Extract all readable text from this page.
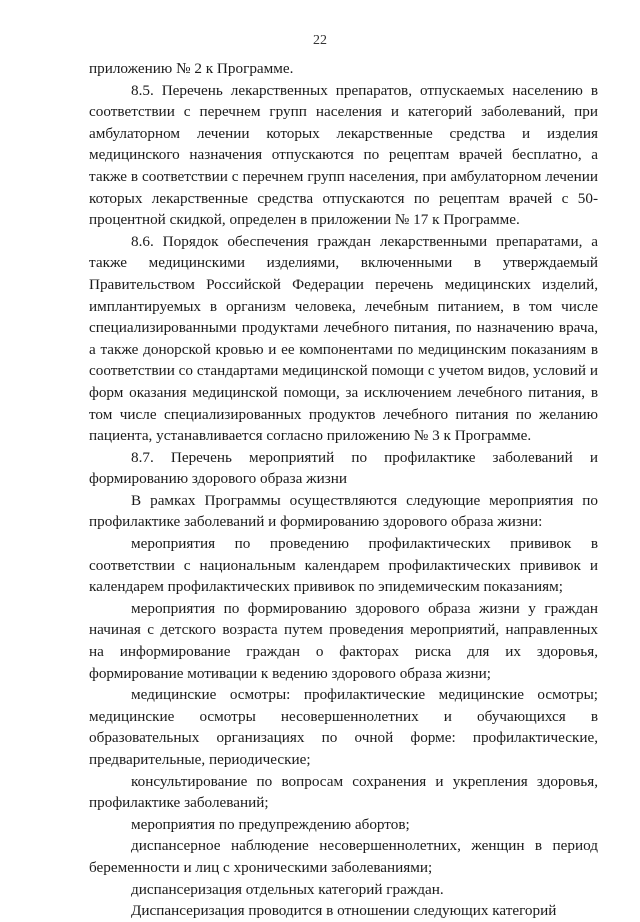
22

приложению № 2 к Программе.

8.5. Перечень лекарственных препаратов, отпускаемых населению в соответствии с перечнем групп населения и категорий заболеваний, при амбулаторном лечении которых лекарственные средства и изделия медицинского назначения отпускаются по рецептам врачей бесплатно, а также в соответствии с перечнем групп населения, при амбулаторном лечении которых лекарственные средства отпускаются по рецептам врачей с 50-процентной скидкой, определен в приложении № 17 к Программе.

8.6. Порядок обеспечения граждан лекарственными препаратами, а также медицинскими изделиями, включенными в утверждаемый Правительством Российской Федерации перечень медицинских изделий, имплантируемых в организм человека, лечебным питанием, в том числе специализированными продуктами лечебного питания, по назначению врача, а также донорской кровью и ее компонентами по медицинским показаниям в соответствии со стандартами медицинской помощи с учетом видов, условий и форм оказания медицинской помощи, за исключением лечебного питания, в том числе специализированных продуктов лечебного питания по желанию пациента, устанавливается согласно приложению № 3 к Программе.

8.7. Перечень мероприятий по профилактике заболеваний и формированию здорового образа жизни

В рамках Программы осуществляются следующие мероприятия по профилактике заболеваний и формированию здорового образа жизни:

мероприятия по проведению профилактических прививок в соответствии с национальным календарем профилактических прививок и календарем профилактических прививок по эпидемическим показаниям;

мероприятия по формированию здорового образа жизни у граждан начиная с детского возраста путем проведения мероприятий, направленных на информирование граждан о факторах риска для их здоровья, формирование мотивации к ведению здорового образа жизни;

медицинские осмотры: профилактические медицинские осмотры; медицинские осмотры несовершеннолетних и обучающихся в образовательных организациях по очной форме: профилактические, предварительные, периодические;

консультирование по вопросам сохранения и укрепления здоровья, профилактике заболеваний;

мероприятия по предупреждению абортов;

диспансерное наблюдение несовершеннолетних, женщин в период беременности и лиц с хроническими заболеваниями;

диспансеризация отдельных категорий граждан.

Диспансеризация проводится в отношении следующих категорий
